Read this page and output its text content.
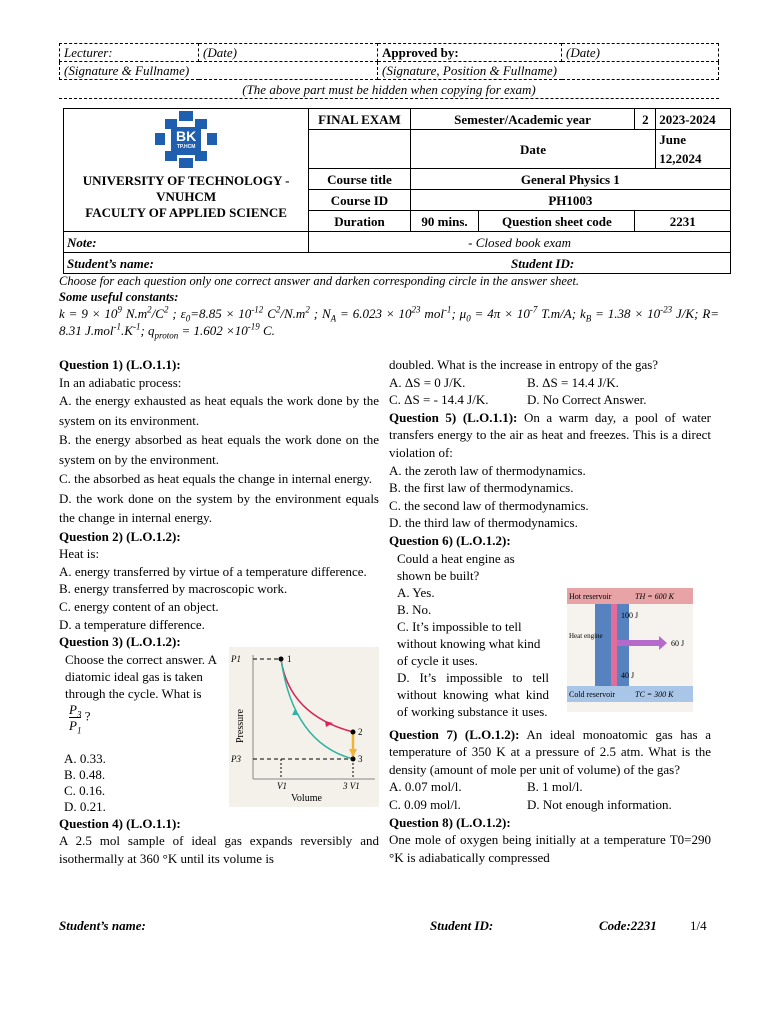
Lecturer:	(Date)	Approved by:	(Date)
(Signature & Fullname)		(Signature, Position & Fullname)	
(The above part must be hidden when copying for exam)
BK
TP.HCM
UNIVERSITY OF TECHNOLOGY - VNUHCM
FACULTY OF APPLIED SCIENCE	FINAL EXAM	Semester/Academic year		2	2023-2024
		Date			June 12,2024
	Course title	General Physics 1			
	Course ID	PH1003			
	Duration	90 mins.	Question sheet code	2231	
Note:	- Closed book exam				
Student’s name: Student ID:					
Choose for each question only one correct answer and darken corresponding circle in the answer sheet.
Some useful constants:
$k = 9 \times 10^9$ $N.m^2/C^2$ ; $\varepsilon_0=8.85 \times 10^{-12}$ $C^2/N.m^2$ ; $N_A = 6.023 \times 10^{23}$ mol$^{-1}$; $\mu_0 = 4\pi \times 10^{-7}$ T.m/A; $k_B = 1.38 \times 10^{-23}$ J/K; R= 8.31 $J.mol^{-1}.K^{-1}$; $q_{proton} = 1.602 \times 10^{-19}$ C.

Question 1) (L.O.1.1):

In an adiabatic process:

A. the energy exhausted as heat equals the work done by the system on its environment.

B. the energy absorbed as heat equals the work done on the system on by the environment.

C. the absorbed as heat equals the change in internal energy.

D. the work done on the system by the environment equals the change in internal energy.

Question 2) (L.O.1.2):

Heat is:

A. energy transferred by virtue of a temperature difference.

B. energy transferred by macroscopic work.

C. energy content of an object.

D. a temperature difference.

Question 3) (L.O.1.2):

Choose the correct answer. A diatomic ideal gas is taken through the cycle. What is
$\frac{P_3}{P_1}$ ?
A. 0.33.
B. 0.48.
C. 0.16.
D. 0.21.
1
2
3
P1
P3
V1	3 V1
Volume
Pressure

Question 4) (L.O.1.1):

A 2.5 mol sample of ideal gas expands reversibly and isothermally at 360 °K until its volume is

doubled. What is the increase in entropy of the gas?

A. ΔS = 0 J/K.	B. ΔS = 14.4 J/K.
C. ΔS = - 14.4 J/K.	D. No Correct Answer.

Question 5) (L.O.1.1): On a warm day, a pool of water transfers energy to the air as heat and freezes. This is a direct violation of:

A. the zeroth law of thermodynamics.

B. the first law of thermodynamics.

C. the second law of thermodynamics.

D. the third law of thermodynamics.

Question 6) (L.O.1.2):

Could a heat engine as shown be built?
A. Yes.
B. No.
C. It’s impossible to tell without knowing what kind of cycle it uses.
D. It’s impossible to tell without knowing what kind of working substance it uses.
Hot reservoir	TH = 600 K
100 J
Heat engine
60 J
40 J
Cold reservoir	TC = 300 K

Question 7) (L.O.1.2): An ideal monoatomic gas has a temperature of 350 K at a pressure of 2.5 atm. What is the density (amount of mole per unit of volume) of the gas?

A. 0.07 mol/l.	B. 1 mol/l.
C. 0.09 mol/l.	D. Not enough information.

Question 8) (L.O.1.2):

One mole of oxygen being initially at a temperature T0=290 °K is adiabatically compressed

Student’s name:	Student ID:	Code:2231	1/4
